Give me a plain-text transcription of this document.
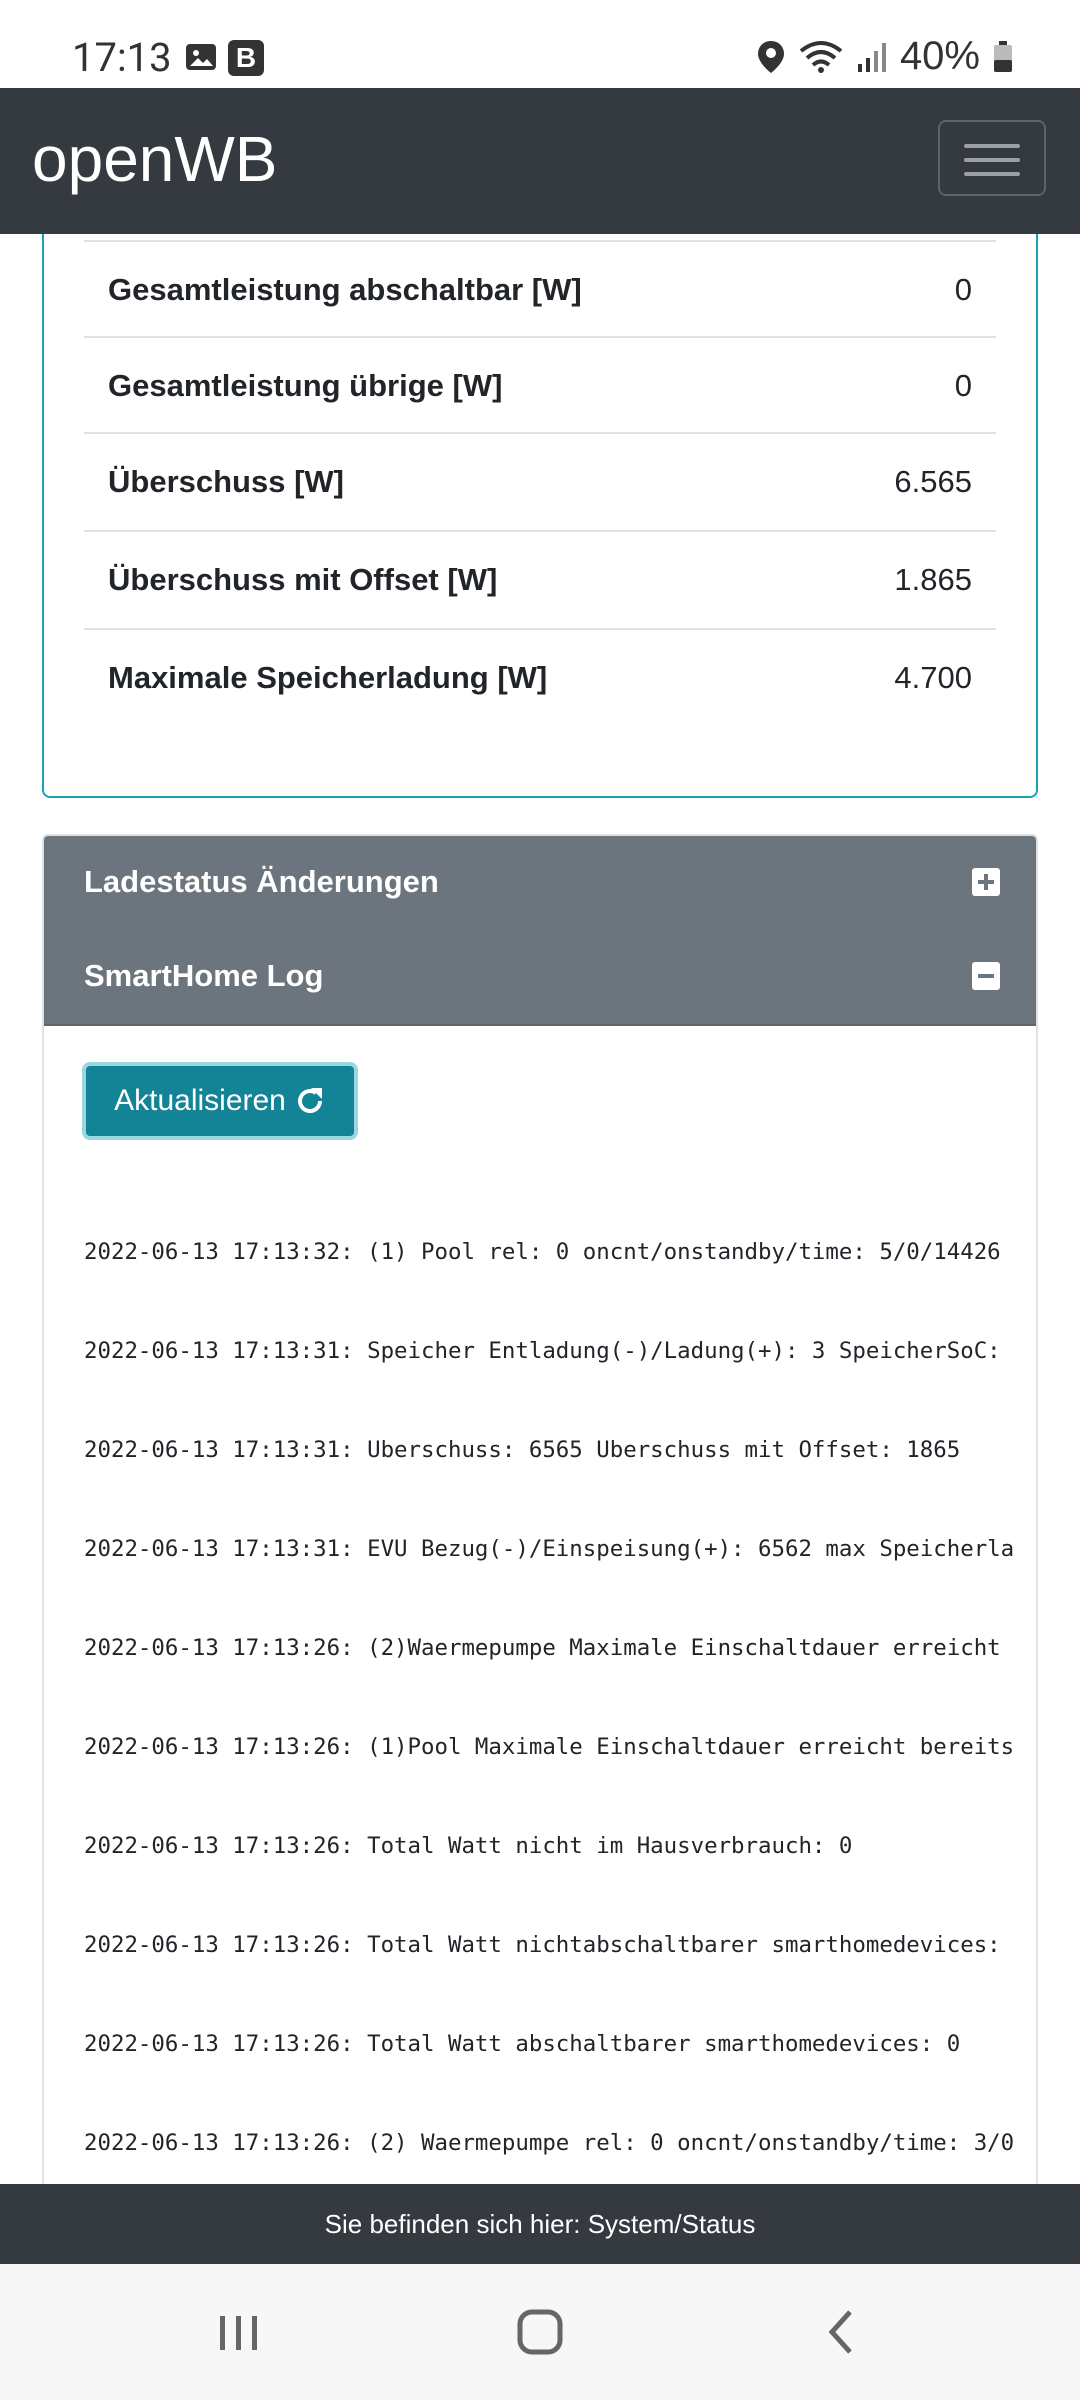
17:13 B	40%
openWB
Gesamtleistung abschaltbar [W]	0
Gesamtleistung übrige [W]	0
Überschuss [W]	6.565
Überschuss mit Offset [W]	1.865
Maximale Speicherladung [W]	4.700
Ladestatus Änderungen
SmartHome Log
Aktualisieren

2022-06-13 17:13:32: (1) Pool rel: 0 oncnt/onstandby/time: 5/0/14426

2022-06-13 17:13:31: Speicher Entladung(-)/Ladung(+): 3 SpeicherSoC:

2022-06-13 17:13:31: Uberschuss: 6565 Uberschuss mit Offset: 1865

2022-06-13 17:13:31: EVU Bezug(-)/Einspeisung(+): 6562 max Speicherla

2022-06-13 17:13:26: (2)Waermepumpe Maximale Einschaltdauer erreicht

2022-06-13 17:13:26: (1)Pool Maximale Einschaltdauer erreicht bereits

2022-06-13 17:13:26: Total Watt nicht im Hausverbrauch: 0

2022-06-13 17:13:26: Total Watt nichtabschaltbarer smarthomedevices:

2022-06-13 17:13:26: Total Watt abschaltbarer smarthomedevices: 0

2022-06-13 17:13:26: (2) Waermepumpe rel: 0 oncnt/onstandby/time: 3/0

Sie befinden sich hier: System/Status
